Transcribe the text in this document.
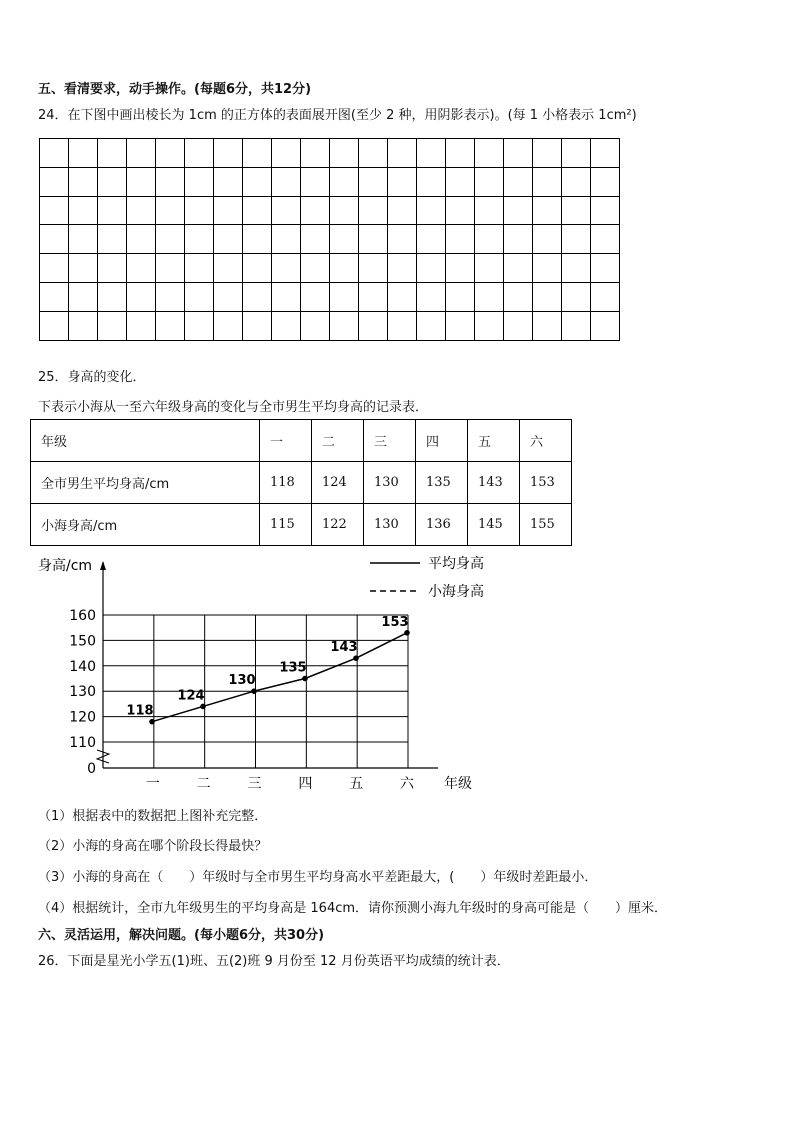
五、看清要求，动手操作。(每题6分，共12分)
24．在下图中画出棱长为 1cm 的正方体的表面展开图(至少 2 种，用阴影表示)。(每 1 小格表示 1cm²)

25．身高的变化．
下表示小海从一至六年级身高的变化与全市男生平均身高的记录表．
年级	一	二	三	四	五	六
全市男生平均身高/cm	118	124	130	135	143	153
小海身高/cm	115	122	130	136	145	155
身高/cm
年级
平均身高
小海身高
0
110
120
130
140
150
160
一	二	三	四	五	六
118
124
130
135
143
153
（1）根据表中的数据把上图补充完整．
（2）小海的身高在哪个阶段长得最快？
（3）小海的身高在（　　）年级时与全市男生平均身高水平差距最大，(　　）年级时差距最小．
（4）根据统计，全市九年级男生的平均身高是 164cm．请你预测小海九年级时的身高可能是（　　）厘米．
六、灵活运用，解决问题。(每小题6分，共30分)
26．下面是星光小学五(1)班、五(2)班 9 月份至 12 月份英语平均成绩的统计表．
